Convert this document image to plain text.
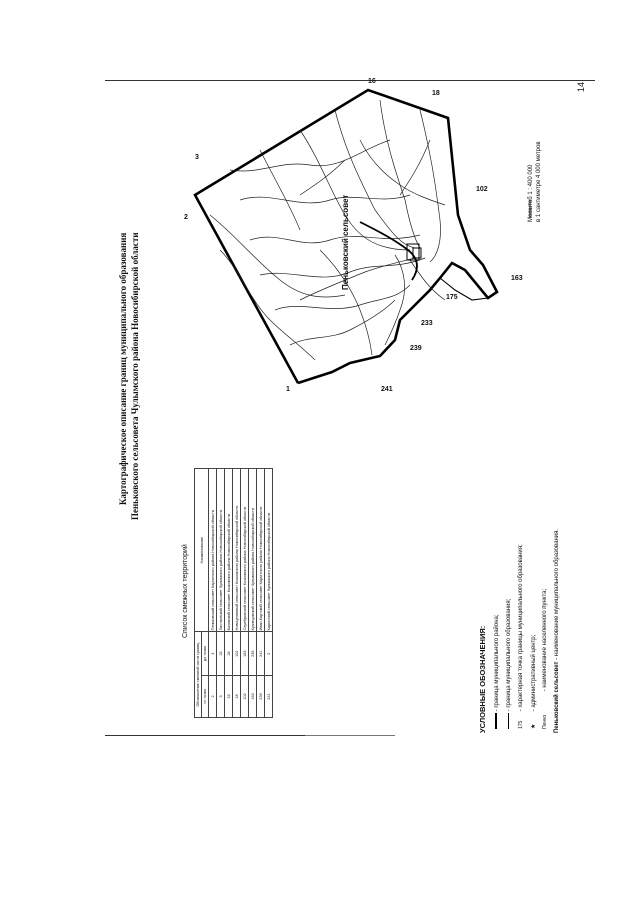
Картографическое описание границ муниципального образования Пеньковского сельсовета Чулымского района Новосибирской области
14
Пеньковский сельсовет
1
2
3
16
18
102
163
175
233
239
241
Масштаб 1 : 400 000 в 1 сантиметре 4 000 метров
Список смежных территорий
Обозначение смежной части границ		Наименование
от точки	до точки	
2	3	Пеньковский сельсовет Каргатского района Новосибирской области
3	16	Листвянский сельсовет Чулымского района Новосибирской области
16	18	Базовский сельсовет Кочковского района Новосибирской области
18	102	Новоцелинный сельсовет Кочковского района Новосибирской области
102	163	Серебрянский сельсовет Кочковского района Новосибирской области
163	239	Кузнецовский сельсовет Чулымского района Новосибирской области
239	241	Иван-Картский сельсовет Каргатского района Новосибирской области
241	2	Каргатский сельсовет Чулымского района Новосибирской области
УСЛОВНЫЕ ОБОЗНАЧЕНИЯ: - граница муниципального района; - граница муниципального образования;
175 - характерная точка границы муниципального образования;
★ - административный центр;
Пенко - наименование населенного пункта;
Пеньковский сельсовет - наименование муниципального образования.
